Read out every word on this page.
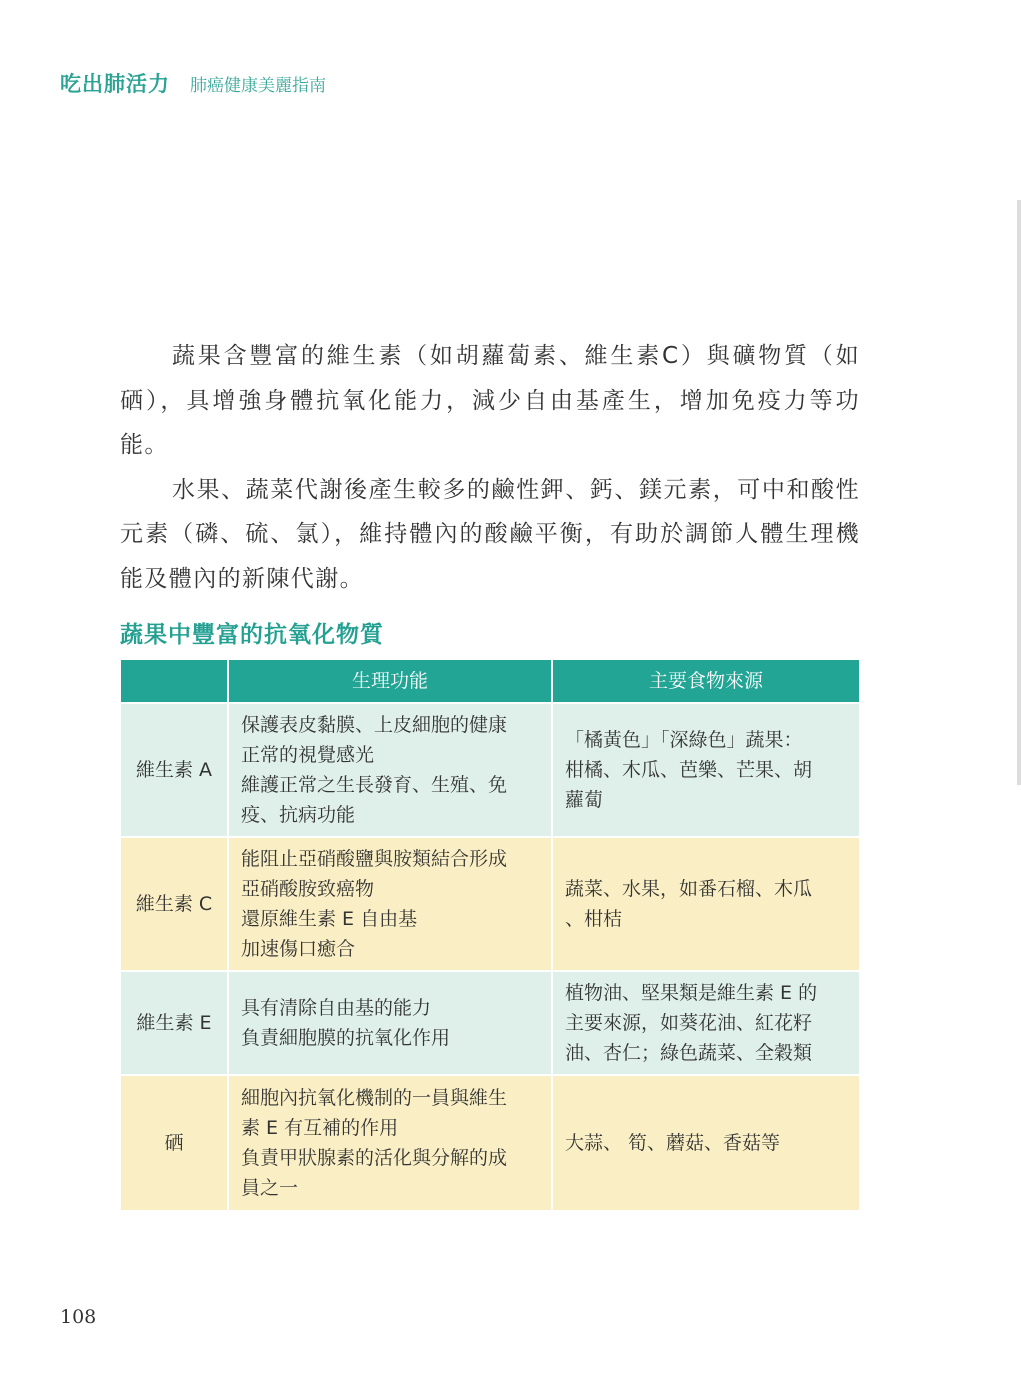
吃出肺活力 肺癌健康美麗指南

蔬果含豐富的維生素（如胡蘿蔔素、維生素C）與礦物質（如硒），具增強身體抗氧化能力，減少自由基產生，增加免疫力等功能。

水果、蔬菜代謝後產生較多的鹼性鉀、鈣、鎂元素，可中和酸性元素（磷、硫、氯），維持體內的酸鹼平衡，有助於調節人體生理機能及體內的新陳代謝。

蔬果中豐富的抗氧化物質
	生理功能	主要食物來源
維生素 A	保護表皮黏膜、上皮細胞的健康
正常的視覺感光
維護正常之生長發育、生殖、免
疫、抗病功能	「橘黃色」「深綠色」蔬果：
柑橘、木瓜、芭樂、芒果、胡
蘿蔔

維生素 C	能阻止亞硝酸鹽與胺類結合形成
亞硝酸胺致癌物
還原維生素 E 自由基
加速傷口癒合	蔬菜、水果，如番石榴、木瓜
、柑桔

維生素 E	具有清除自由基的能力
負責細胞膜的抗氧化作用	植物油、堅果類是維生素 E 的
主要來源，如葵花油、紅花籽
油、杏仁；綠色蔬菜、全穀類

硒	細胞內抗氧化機制的一員與維生
素 E 有互補的作用
負責甲狀腺素的活化與分解的成
員之一	大蒜、 筍、蘑菇、香菇等
108
